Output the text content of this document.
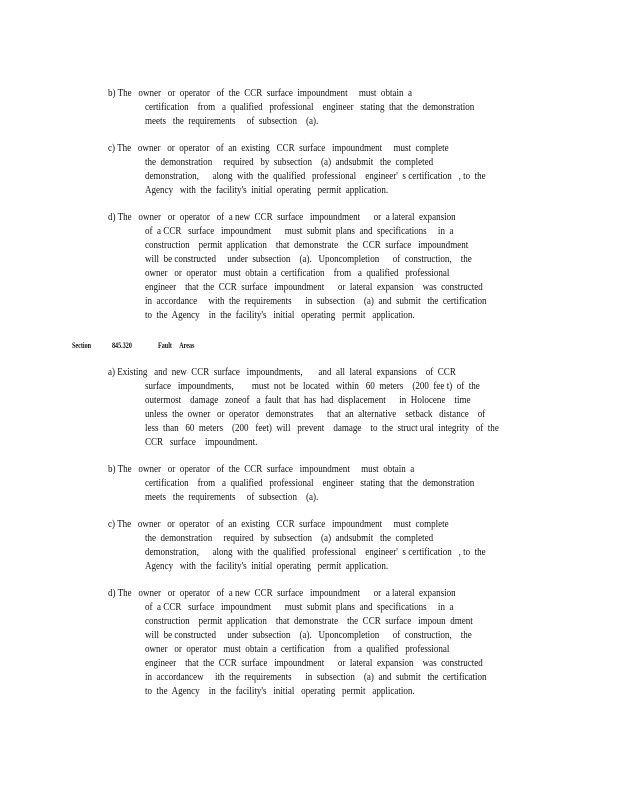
b) The   owner   or  operator   of  the  CCR  surface  impoundment     must  obtain  a

certification    from   a  qualified   professional    engineer   stating  that  the  demonstration

meets   the  requirements     of  subsection    (a).

c) The   owner   or  operator   of  an  existing   CCR  surface   impoundment     must  complete

the  demonstration     required   by  subsection    (a)  andsubmit   the  completed

demonstration,      along  with  the  qualified   professional    engineer'  s certification   , to  the

Agency   with  the  facility's  initial  operating   permit  application.

d) The   owner   or  operator   of  a new  CCR  surface   impoundment      or  a lateral  expansion

of  a CCR   surface   impoundment      must  submit  plans  and  specifications     in  a

construction    permit  application    that  demonstrate    the  CCR  surface   impoundment

will  be constructed     under  subsection    (a).   Uponcompletion      of  construction,    the

owner   or  operator   must  obtain  a  certification    from   a  qualified   professional

engineer    that  the  CCR  surface   impoundment      or  lateral  expansion    was  constructed

in  accordance     with  the  requirements      in  subsection    (a)  and  submit   the  certification

to  the  Agency    in  the  facility's   initial   operating   permit   application.

Section 845.320	Fault     Areas

a) Existing   and  new  CCR  surface   impoundments,       and  all  lateral  expansions    of  CCR

surface   impoundments,        must  not  be  located   within   60  meters    (200  fee t)  of  the

outermost    damage   zoneof   a  fault  that  has  had  displacement      in  Holocene    time

unless  the  owner   or  operator   demonstrates      that  an  alternative    setback   distance    of

less  than   60  meters    (200   feet)  will   prevent    damage    to  the  struct ural  integrity   of  the

CCR   surface    impoundment.

b) The   owner   or  operator   of  the  CCR  surface   impoundment     must  obtain  a

certification    from   a  qualified   professional    engineer   stating  that  the  demonstration

meets   the  requirements     of  subsection    (a).

c) The   owner   or  operator   of  an  existing   CCR  surface   impoundment     must  complete

the  demonstration     required   by  subsection    (a)  andsubmit   the  completed

demonstration,      along  with  the  qualified   professional    engineer'  s certification   , to  the

Agency   with  the  facility's  initial  operating   permit  application.

d) The   owner   or  operator   of  a new  CCR  surface   impoundment      or  a lateral  expansion

of  a CCR   surface   impoundment      must  submit  plans  and  specifications     in  a

construction    permit  application    that  demonstrate    the  CCR  surface   impoun  dment

will  be constructed     under  subsection    (a).   Uponcompletion      of  construction,    the

owner   or  operator   must  obtain  a  certification    from   a  qualified   professional

engineer    that  the  CCR  surface   impoundment      or  lateral  expansion    was  constructed

in  accordancew     ith  the  requirements      in  subsection    (a)  and  submit   the  certification

to  the  Agency    in  the  facility's   initial   operating   permit   application.
